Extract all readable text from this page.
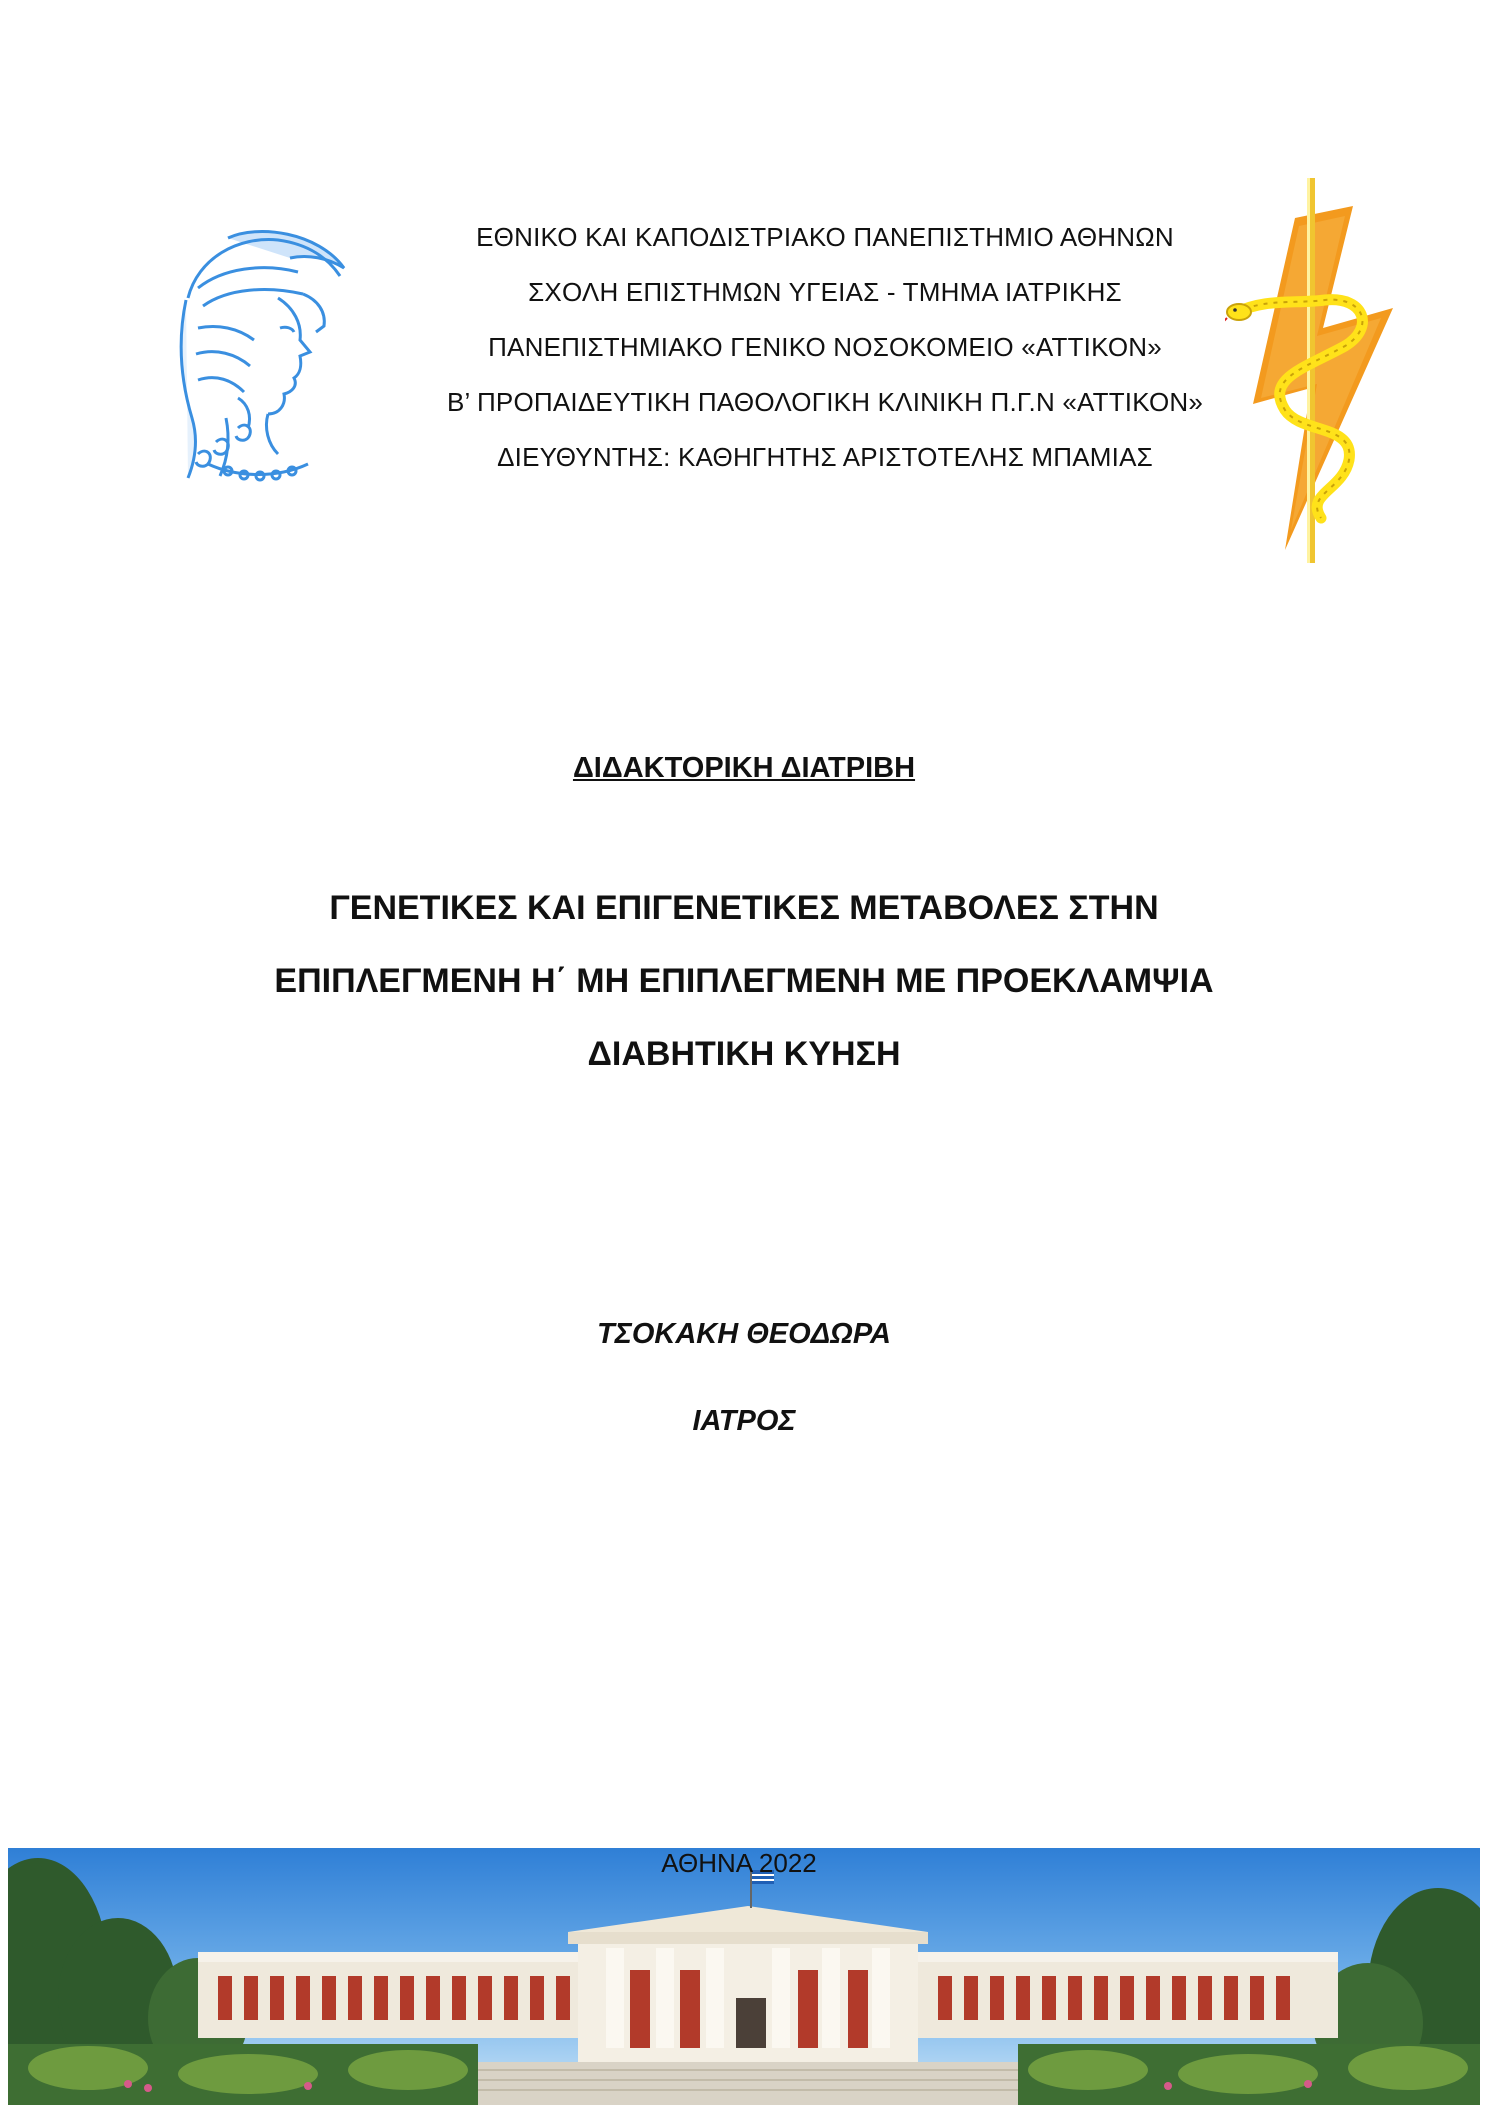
ΕΘΝΙΚΟ ΚΑΙ ΚΑΠΟΔΙΣΤΡΙΑΚΟ ΠΑΝΕΠΙΣΤΗΜΙΟ ΑΘΗΝΩΝ
ΣΧΟΛΗ ΕΠΙΣΤΗΜΩΝ ΥΓΕΙΑΣ - ΤΜΗΜΑ ΙΑΤΡΙΚΗΣ
ΠΑΝΕΠΙΣΤΗΜΙΑΚΟ ΓΕΝΙΚΟ ΝΟΣΟΚΟΜΕΙΟ «ΑΤΤΙΚΟΝ»
Β’ ΠΡΟΠΑΙΔΕΥΤΙΚΗ ΠΑΘΟΛΟΓΙΚΗ ΚΛΙΝΙΚΗ Π.Γ.Ν «ΑΤΤΙΚΟΝ»
ΔΙΕΥΘΥΝΤΗΣ: ΚΑΘΗΓΗΤΗΣ ΑΡΙΣΤΟΤΕΛΗΣ ΜΠΑΜΙΑΣ
ΔΙΔΑΚΤΟΡΙΚΗ ΔΙΑΤΡΙΒΗ
ΓΕΝΕΤΙΚΕΣ ΚΑΙ ΕΠΙΓΕΝΕΤΙΚΕΣ ΜΕΤΑΒΟΛΕΣ ΣΤΗΝ
ΕΠΙΠΛΕΓΜΕΝΗ Η΄ ΜΗ ΕΠΙΠΛΕΓΜΕΝΗ ΜΕ ΠΡΟΕΚΛΑΜΨΙΑ
ΔΙΑΒΗΤΙΚΗ ΚΥΗΣΗ
ΤΣΟΚΑΚΗ ΘΕΟΔΩΡΑ
ΙΑΤΡΟΣ
ΑΘΗΝΑ 2022
